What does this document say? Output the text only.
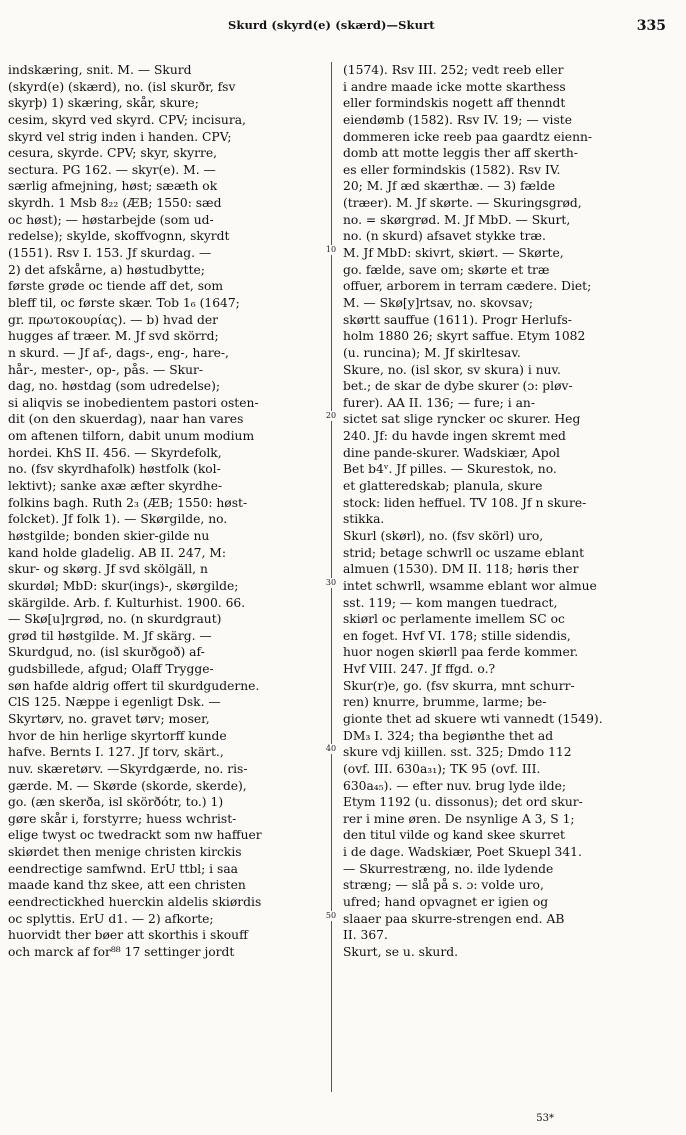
Skurd (skyrd(e) (skærd)—Skurt	335
indskæring, snit. M. — Skurd
(skyrd(e) (skærd), no. (isl skurðr, fsv
skyrþ) 1) skæring, skår, skure;
cesim, skyrd ved skyrd. CPV; incisura,
skyrd vel strig inden i handen. CPV;
cesura, skyrde. CPV; skyr, skyrre,
sectura. PG 162. — skyr(e). M. —
særlig afmejning, høst; sææth ok
skyrdh. 1 Msb 8₂₂ (ÆB; 1550: sæd
oc høst); — høstarbejde (som ud-
redelse); skylde, skoffvognn, skyrdt
(1551). Rsv I. 153. Jf skurdag. —
2) det afskårne, a) høstudbytte;
første grøde oc tiende aff det, som
bleff til, oc første skær. Tob 1₆ (1647;
gr. πρωτοκουρίας). — b) hvad der
hugges af træer. M. Jf svd skörrd;
n skurd. — Jf af-, dags-, eng-, hare-,
hår-, mester-, op-, pås. — Skur-
dag, no. høstdag (som udredelse);
si aliqvis se inobedientem pastori osten-
dit (on den skuerdag), naar han vares
om aftenen tilforn, dabit unum modium
hordei. KhS II. 456. — Skyrdefolk,
no. (fsv skyrdhafolk) høstfolk (kol-
lektivt); sanke axæ æfter skyrdhe-
folkins bagh. Ruth 2₃ (ÆB; 1550: høst-
folcket). Jf folk 1). — Skørgilde, no.
høstgilde; bonden skier-gilde nu
kand holde gladelig. AB II. 247, M:
skur- og skørg. Jf svd skölgäll, n
skurdøl; MbD: skur(ings)-, skørgilde;
skärgilde. Arb. f. Kulturhist. 1900. 66.
— Skø[u]rgrød, no. (n skurdgraut)
grød til høstgilde. M. Jf skärg. —
Skurdgud, no. (isl skurðgoð) af-
gudsbillede, afgud; Olaff Trygge-
søn hafde aldrig offert til skurdguderne.
ClS 125. Næppe i egenligt Dsk. —
Skyrtørv, no. gravet tørv; moser,
hvor de hin herlige skyrtorff kunde
hafve. Bernts I. 127. Jf torv, skärt.,
nuv. skæretørv. —Skyrdgærde, no. ris-
gærde. M. — Skørde (skorde, skerde),
go. (æn skerða, isl skörðótr, to.) 1)
gøre skår i, forstyrre; huess wchrist-
elige twyst oc twedrackt som nw haffuer
skiørdet then menige christen kirckis
eendrectige samfwnd. ErU ttbl; i saa
maade kand thz skee, att een christen
eendrectickhed huerckin aldelis skiørdis
oc splyttis. ErU d1. — 2) afkorte;
huorvidt ther bøer att skorthis i skouff
och marck af for⁸⁸ 17 settinger jordt
(1574). Rsv III. 252; vedt reeb eller
i andre maade icke motte skarthess
eller formindskis nogett aff thenndt
eiendømb (1582). Rsv IV. 19; — viste
dommeren icke reeb paa gaardtz eienn-
domb att motte leggis ther aff skerth-
es eller formindskis (1582). Rsv IV.
20; M. Jf æd skærthæ. — 3) fælde
(træer). M. Jf skørte. — Skuringsgrød,
no. = skørgrød. M. Jf MbD. — Skurt,
no. (n skurd) afsavet stykke træ.
M. Jf MbD: skivrt, skiørt. — Skørte,
go. fælde, save om; skørte et træ
offuer, arborem in terram cædere. Diet;
M. — Skø[y]rtsav, no. skovsav;
skørtt sauffue (1611). Progr Herlufs-
holm 1880 26; skyrt saffue. Etym 1082
(u. runcina); M. Jf skirltesav.
Skure, no. (isl skor, sv skura) i nuv.
bet.; de skar de dybe skurer (ɔ: pløv-
furer). AA II. 136; — fure; i an-
sictet sat slige ryncker oc skurer. Heg
240. Jf: du havde ingen skremt med
dine pande-skurer. Wadskiær, Apol
Bet b4ᵛ. Jf pilles. — Skurestok, no.
et glatteredskab; planula, skure
stock: liden heffuel. TV 108. Jf n skure-
stikka.
Skurl (skørl), no. (fsv skörl) uro,
strid; betage schwrll oc uszame eblant
almuen (1530). DM II. 118; høris ther
intet schwrll, wsamme eblant wor almue
sst. 119; — kom mangen tuedract,
skiørl oc perlamente imellem SC oc
en foget. Hvf VI. 178; stille sidendis,
huor nogen skiørll paa ferde kommer.
Hvf VIII. 247. Jf ffgd. o.?
Skur(r)e, go. (fsv skurra, mnt schurr-
ren) knurre, brumme, larme; be-
gionte thet ad skuere wti vannedt (1549).
DM₃ I. 324; tha begiønthe thet ad
skure vdj kiillen. sst. 325; Dmdo 112
(ovf. III. 630a₃₁); TK 95 (ovf. III.
630a₄₅). — efter nuv. brug lyde ilde;
Etym 1192 (u. dissonus); det ord skur-
rer i mine øren. De nsynlige A 3, S 1;
den titul vilde og kand skee skurret
i de dage. Wadskiær, Poet Skuepl 341.
— Skurrestræng, no. ilde lydende
stræng; — slå på s. ɔ: volde uro,
ufred; hand opvagnet er igien og
slaaer paa skurre-strengen end. AB
II. 367.
Skurt, se u. skurd.
10
20
30
40
50
53*
